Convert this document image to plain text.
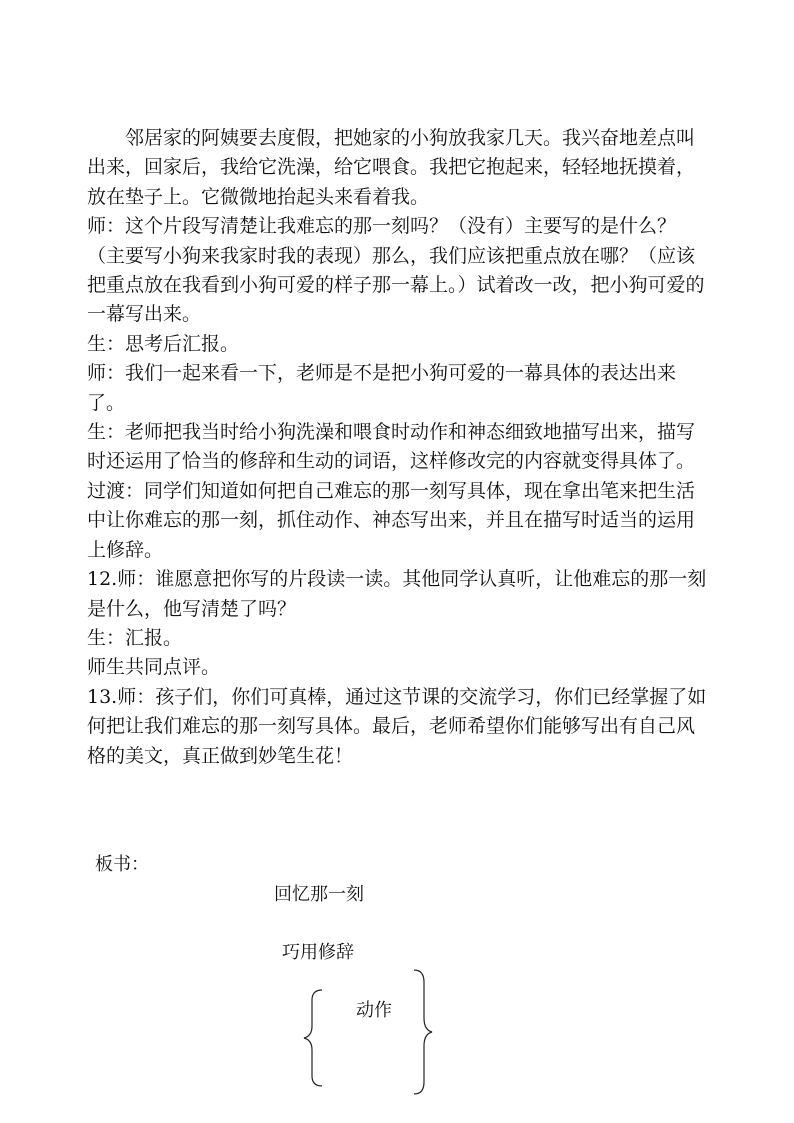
邻居家的阿姨要去度假，把她家的小狗放我家几天。我兴奋地差点叫出来，回家后，我给它洗澡，给它喂食。我把它抱起来，轻轻地抚摸着，放在垫子上。它微微地抬起头来看着我。

师：这个片段写清楚让我难忘的那一刻吗？（没有）主要写的是什么？（主要写小狗来我家时我的表现）那么，我们应该把重点放在哪？（应该把重点放在我看到小狗可爱的样子那一幕上。）试着改一改，把小狗可爱的一幕写出来。

生：思考后汇报。

师：我们一起来看一下，老师是不是把小狗可爱的一幕具体的表达出来了。

生：老师把我当时给小狗洗澡和喂食时动作和神态细致地描写出来，描写时还运用了恰当的修辞和生动的词语，这样修改完的内容就变得具体了。

过渡：同学们知道如何把自己难忘的那一刻写具体，现在拿出笔来把生活中让你难忘的那一刻，抓住动作、神态写出来，并且在描写时适当的运用上修辞。

12.师：谁愿意把你写的片段读一读。其他同学认真听，让他难忘的那一刻是什么，他写清楚了吗？

生：汇报。

师生共同点评。

13.师：孩子们，你们可真棒，通过这节课的交流学习，你们已经掌握了如何把让我们难忘的那一刻写具体。最后，老师希望你们能够写出有自己风格的美文，真正做到妙笔生花！

板书：
回忆那一刻
巧用修辞
动作
